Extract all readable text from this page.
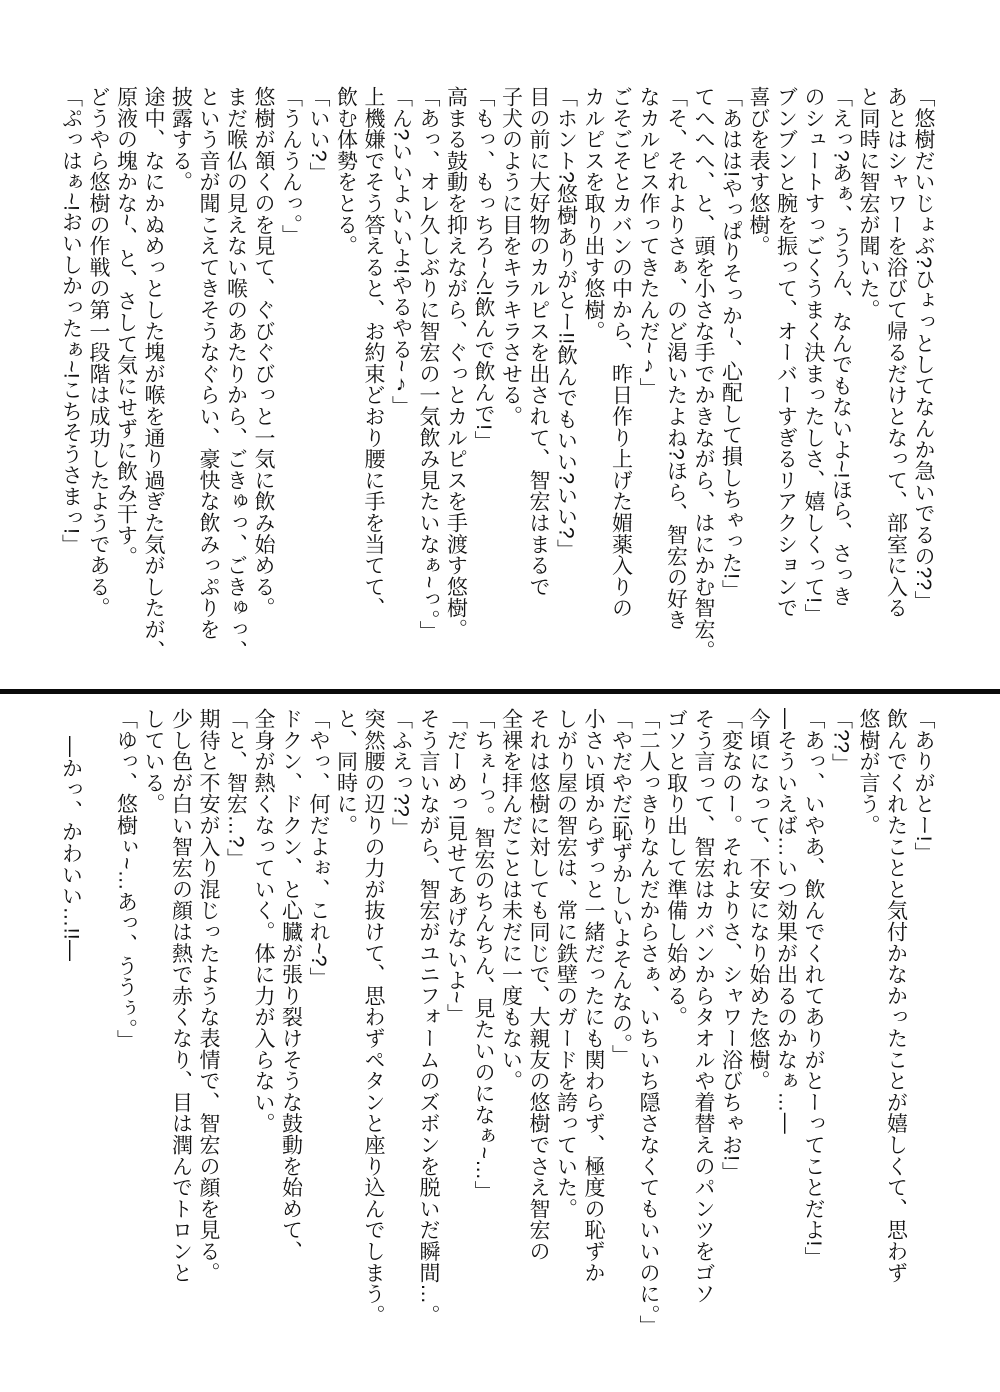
「悠樹だいじょぶ?ひょっとしてなんか急いでるの??」

あとはシャワーを浴びて帰るだけとなって、部室に入る

と同時に智宏が聞いた。

「えっ?あぁ、ううん、なんでもないよ~!ほら、さっき

のシュートすっごくうまく決まったしさ、嬉しくって!」

ブンブンと腕を振って、オーバーすぎるリアクションで

喜びを表す悠樹。

「あはは!やっぱりそっか~、心配して損しちゃった!」

てへへへ、と、頭を小さな手でかきながら、はにかむ智宏。

「そ、それよりさぁ、のど渇いたよね?ほら、智宏の好き

なカルピス作ってきたんだ~♪」

ごそごそとカバンの中から、昨日作り上げた媚薬入りの

カルピスを取り出す悠樹。

「ホント?悠樹ありがとー!!飲んでもいい?いい?」

目の前に大好物のカルピスを出されて、智宏はまるで

子犬のように目をキラキラさせる。

「もっ、もっちろ~ん!飲んで飲んで!」

高まる鼓動を抑えながら、ぐっとカルピスを手渡す悠樹。

「あっ、オレ久しぶりに智宏の一気飲み見たいなぁ~っ。」

「ん?いいよいいよ!やるやる~♪」

上機嫌でそう答えると、お約束どおり腰に手を当てて、

飲む体勢をとる。

「いい?」

「うんうんっ。」

悠樹が頷くのを見て、ぐびぐびっと一気に飲み始める。

まだ喉仏の見えない喉のあたりから、ごきゅっ、ごきゅっ、

という音が聞こえてきそうなぐらい、豪快な飲みっぷりを

披露する。

途中、なにかぬめっとした塊が喉を通り過ぎた気がしたが、

原液の塊かな~、と、さして気にせずに飲み干す。

どうやら悠樹の作戦の第一段階は成功したようである。

「ぷっはぁ~!おいしかったぁ~!こちそうさまっ!」

「ありがとー!」

飲んでくれたことと気付かなかったことが嬉しくて、思わず

悠樹が言う。

「??」

「あっ、いやあ、飲んでくれてありがとーってことだよ!」

―そういえば…いつ効果が出るのかなぁ…―

今頃になって、不安になり始めた悠樹。

「変なのー。それよりさ、シャワー浴びちゃお!」

そう言って、智宏はカバンからタオルや着替えのパンツをゴソ

ゴソと取り出して準備し始める。

「二人っきりなんだからさぁ、いちいち隠さなくてもいいのに。」

「やだやだ!恥ずかしいよそんなの。」

小さい頃からずっと一緒だったにも関わらず、極度の恥ずか

しがり屋の智宏は、常に鉄壁のガードを誇っていた。

それは悠樹に対しても同じで、大親友の悠樹でさえ智宏の

全裸を拝んだことは未だに一度もない。

「ちぇ~っ。智宏のちんちん、見たいのになぁ~…」

「だーめっ!見せてあげないよ~」

そう言いながら、智宏がユニフォームのズボンを脱いだ瞬間…。

「ふえっ??」

突然腰の辺りの力が抜けて、思わずペタンと座り込んでしまう。

と、同時に。

「やっ、何だよぉ、これ~?」

ドクン、ドクン、と心臓が張り裂けそうな鼓動を始めて、

全身が熱くなっていく。体に力が入らない。

「と、智宏…?」

期待と不安が入り混じったような表情で、智宏の顔を見る。

少し色が白い智宏の顔は熱で赤くなり、目は潤んでトロンと

している。

「ゆっ、悠樹ぃ~…あっ、ううぅ。」

―かっ、かわいい…!!―
